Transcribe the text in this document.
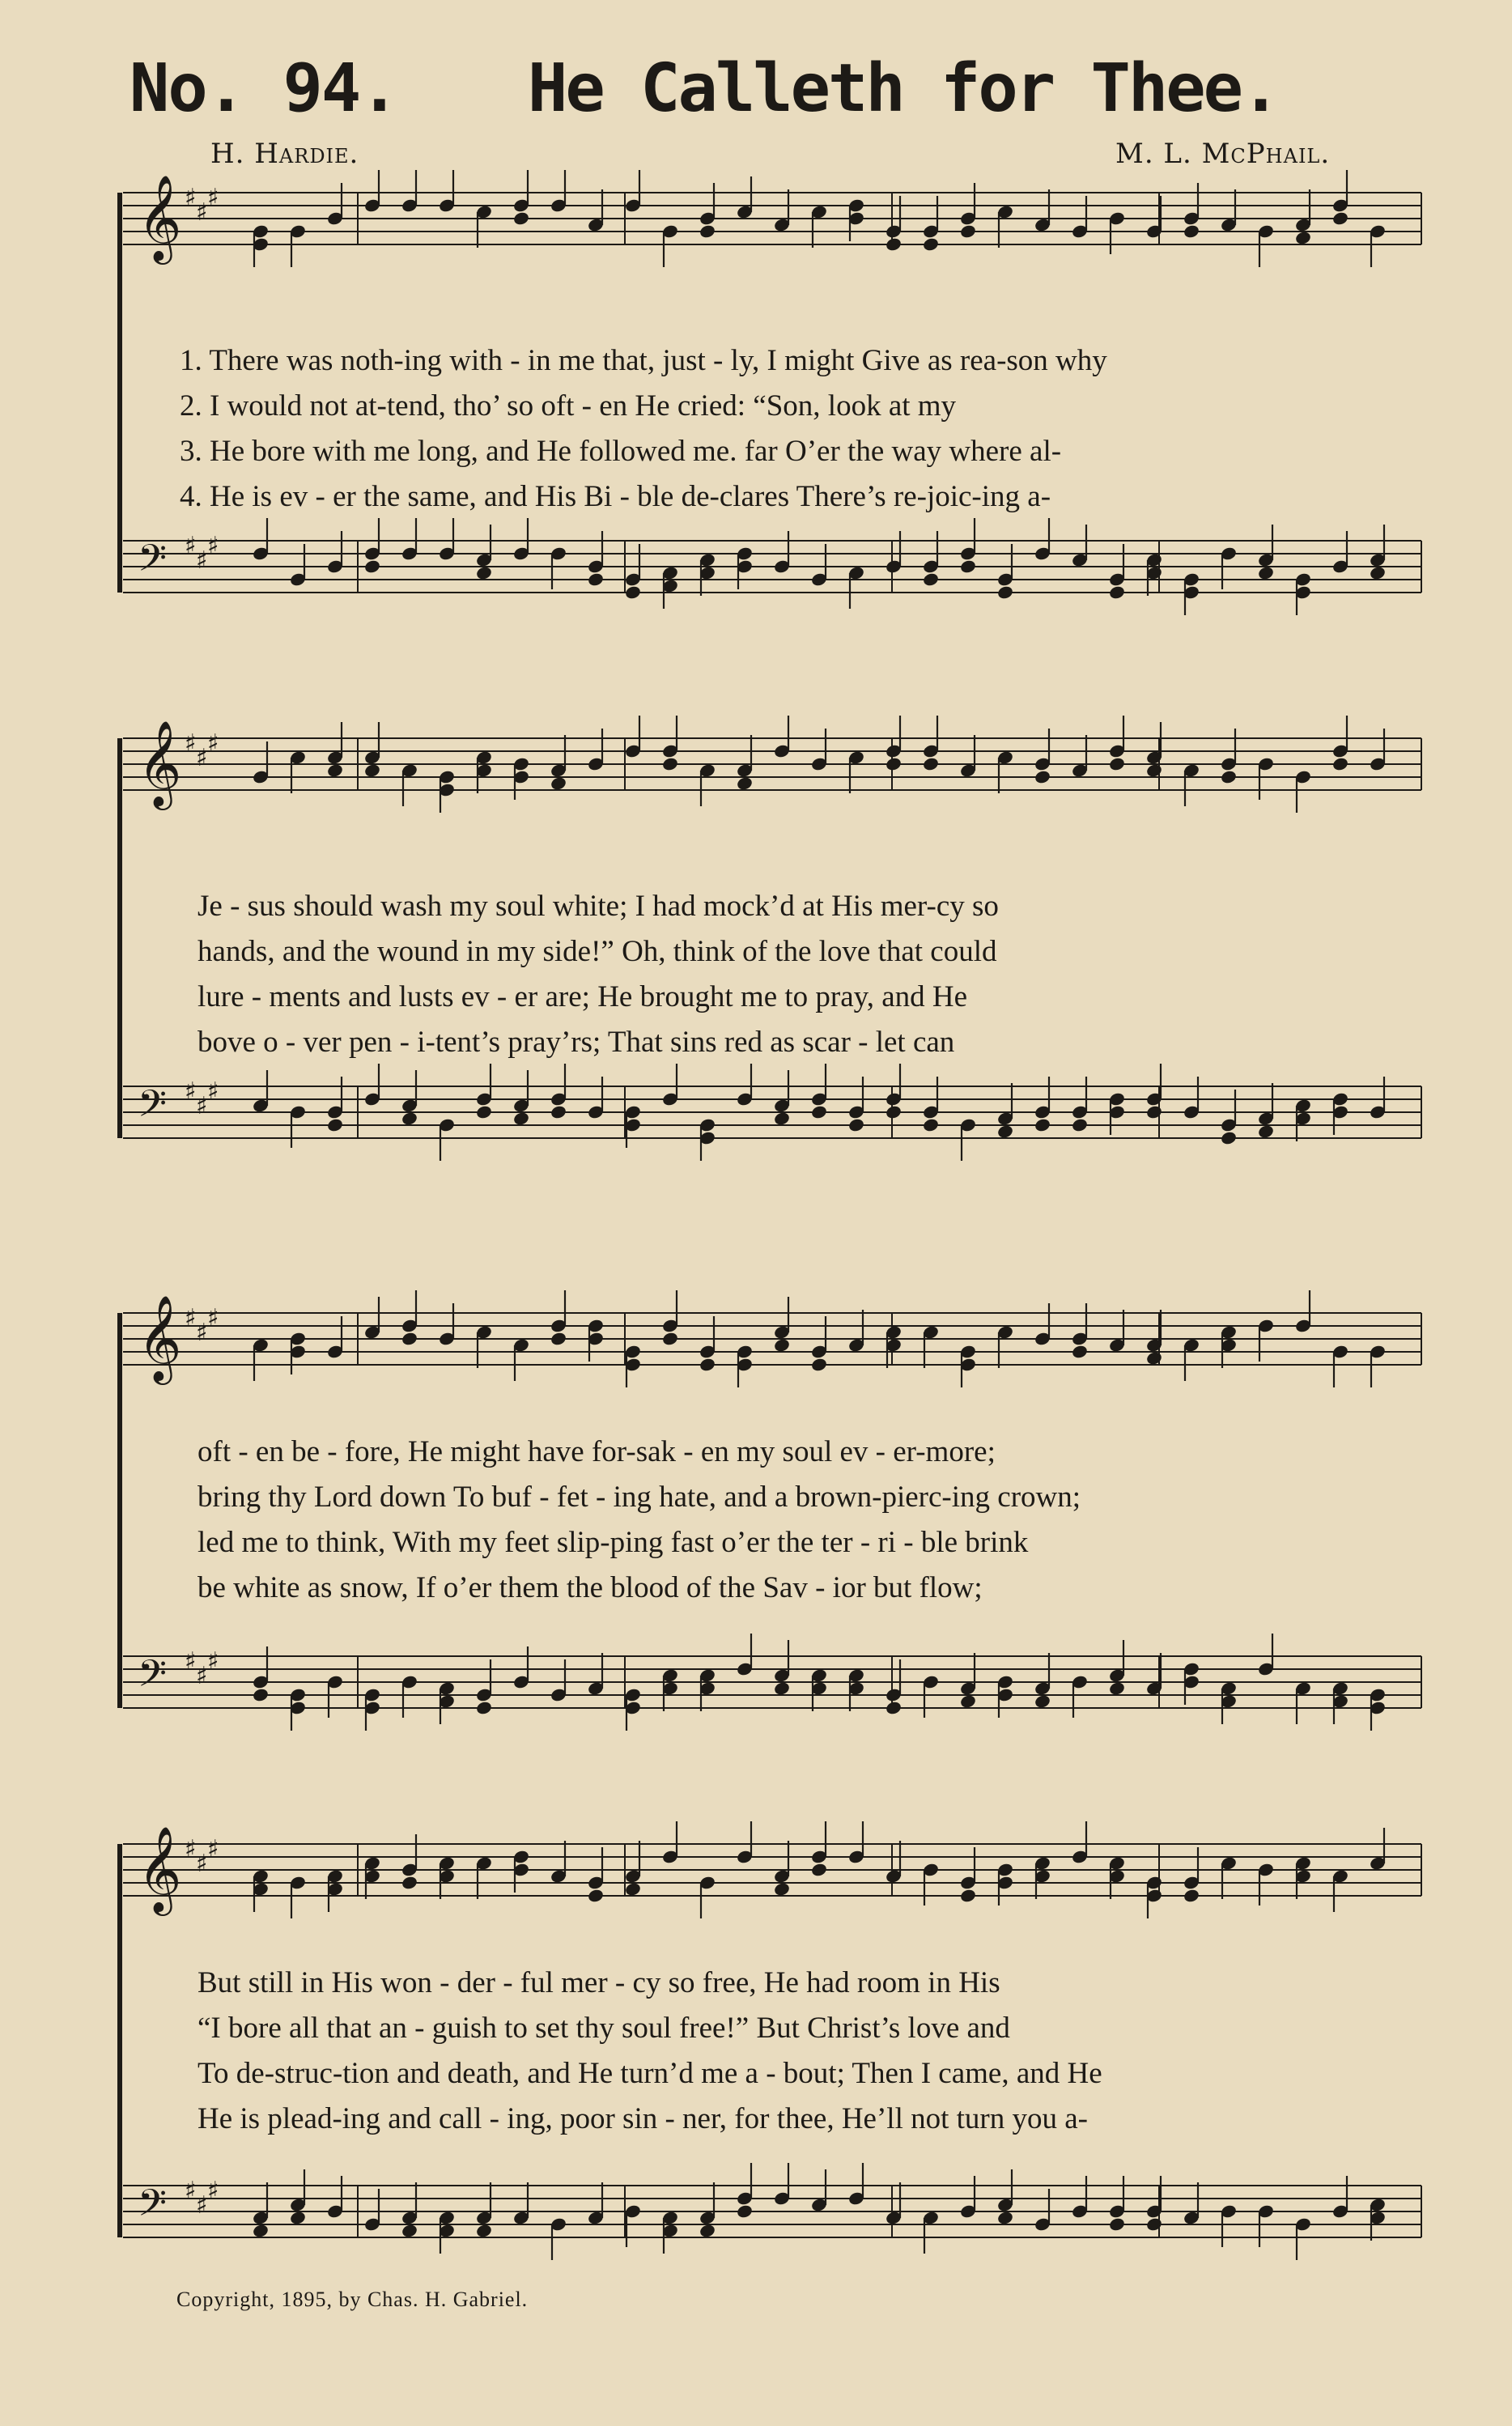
No. 94. He Calleth for Thee.
H. Hardie.	M. L. McPhail.
𝄞 ♯
♯
♯
𝄢 ♯
♯
♯
𝄞 ♯
♯
♯
𝄢 ♯
♯
♯
𝄞 ♯
♯
♯
𝄢 ♯
♯
♯
𝄞 ♯
♯
♯
𝄢 ♯
♯
♯
1. There was noth-ing with - in me that, just - ly, I might Give as rea-son why
2. I would not at-tend, tho’ so oft - en He cried: “Son, look at my
3. He bore with me long, and He followed me. far O’er the way where al-
4. He is ev - er the same, and His Bi - ble de-clares There’s re-joic-ing a-
Je - sus should wash my soul white; I had mock’d at His mer-cy so
hands, and the wound in my side!” Oh, think of the love that could
lure - ments and lusts ev - er are; He brought me to pray, and He
bove o - ver pen - i-tent’s pray’rs; That sins red as scar - let can
oft - en be - fore, He might have for-sak - en my soul ev - er-more;
bring thy Lord down To buf - fet - ing hate, and a brown-pierc-ing crown;
led me to think, With my feet slip-ping fast o’er the ter - ri - ble brink
be white as snow, If o’er them the blood of the Sav - ior but flow;
But still in His won - der - ful mer - cy so free, He had room in His
“I bore all that an - guish to set thy soul free!” But Christ’s love and
To de-struc-tion and death, and He turn’d me a - bout; Then I came, and He
He is plead-ing and call - ing, poor sin - ner, for thee, He’ll not turn you a-
Copyright, 1895, by Chas. H. Gabriel.
